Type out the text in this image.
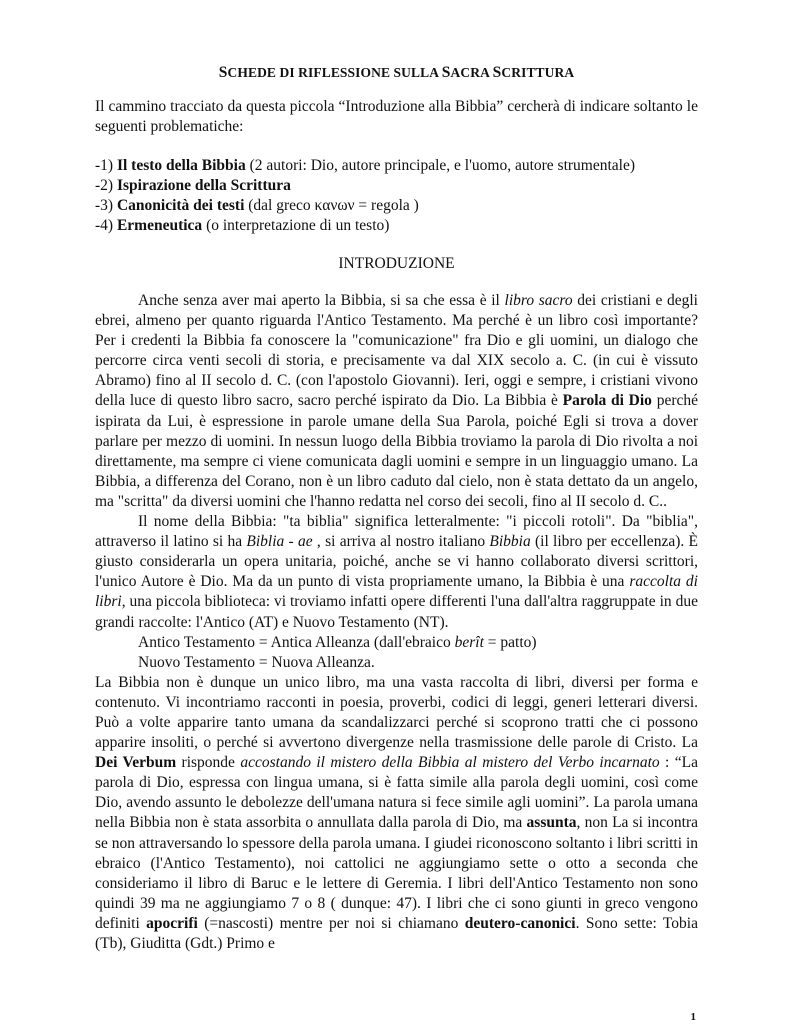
SCHEDE DI RIFLESSIONE SULLA SACRA SCRITTURA
Il cammino tracciato da questa piccola “Introduzione alla Bibbia” cercherà di indicare soltanto le seguenti problematiche:
-1) Il testo della Bibbia (2 autori: Dio, autore principale, e l'uomo, autore strumentale)
-2) Ispirazione della Scrittura
-3) Canonicità dei testi (dal greco κανων = regola )
-4) Ermeneutica (o interpretazione di un testo)
INTRODUZIONE

Anche senza aver mai aperto la Bibbia, si sa che essa è il libro sacro dei cristiani e degli ebrei, almeno per quanto riguarda l'Antico Testamento. Ma perché è un libro così importante? Per i credenti la Bibbia fa conoscere la "comunicazione" fra Dio e gli uomini, un dialogo che percorre circa venti secoli di storia, e precisamente va dal XIX secolo a. C. (in cui è vissuto Abramo) fino al II secolo d. C. (con l'apostolo Giovanni). Ieri, oggi e sempre, i cristiani vivono della luce di questo libro sacro, sacro perché ispirato da Dio. La Bibbia è Parola di Dio perché ispirata da Lui, è espressione in parole umane della Sua Parola, poiché Egli si trova a dover parlare per mezzo di uomini. In nessun luogo della Bibbia troviamo la parola di Dio rivolta a noi direttamente, ma sempre ci viene comunicata dagli uomini e sempre in un linguaggio umano. La Bibbia, a differenza del Corano, non è un libro caduto dal cielo, non è stata dettato da un angelo, ma "scritta" da diversi uomini che l'hanno redatta nel corso dei secoli, fino al II secolo d. C..

Il nome della Bibbia: "ta biblia" significa letteralmente: "i piccoli rotoli". Da "biblia", attraverso il latino si ha Biblia - ae , si arriva al nostro italiano Bibbia (il libro per eccellenza). È giusto considerarla un opera unitaria, poiché, anche se vi hanno collaborato diversi scrittori, l'unico Autore è Dio. Ma da un punto di vista propriamente umano, la Bibbia è una raccolta di libri, una piccola biblioteca: vi troviamo infatti opere differenti l'una dall'altra raggruppate in due grandi raccolte: l'Antico (AT) e Nuovo Testamento (NT).

Antico Testamento = Antica Alleanza (dall'ebraico berît = patto)

Nuovo Testamento = Nuova Alleanza.

La Bibbia non è dunque un unico libro, ma una vasta raccolta di libri, diversi per forma e contenuto. Vi incontriamo racconti in poesia, proverbi, codici di leggi, generi letterari diversi. Può a volte apparire tanto umana da scandalizzarci perché si scoprono tratti che ci possono apparire insoliti, o perché si avvertono divergenze nella trasmissione delle parole di Cristo. La Dei Verbum risponde accostando il mistero della Bibbia al mistero del Verbo incarnato : “La parola di Dio, espressa con lingua umana, si è fatta simile alla parola degli uomini, così come Dio, avendo assunto le debolezze dell'umana natura si fece simile agli uomini”. La parola umana nella Bibbia non è stata assorbita o annullata dalla parola di Dio, ma assunta, non La si incontra se non attraversando lo spessore della parola umana. I giudei riconoscono soltanto i libri scritti in ebraico (l'Antico Testamento), noi cattolici ne aggiungiamo sette o otto a seconda che consideriamo il libro di Baruc e le lettere di Geremia. I libri dell'Antico Testamento non sono quindi 39 ma ne aggiungiamo 7 o 8 ( dunque: 47). I libri che ci sono giunti in greco vengono definiti apocrifi (=nascosti) mentre per noi si chiamano deutero-canonici. Sono sette: Tobia (Tb), Giuditta (Gdt.) Primo e

1
